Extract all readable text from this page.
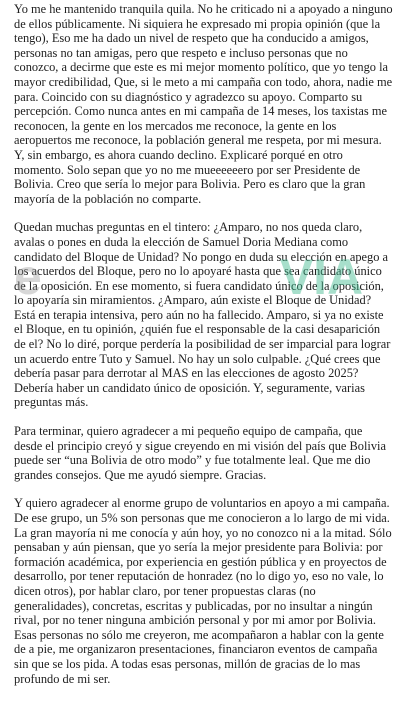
Yo me he mantenido tranquila quila. No he criticado ni a apoyado a ninguno de ellos públicamente. Ni siquiera he expresado mi propia opinión (que la tengo), Eso me ha dado un nivel de respeto que ha conducido a amigos, personas no tan amigas, pero que respeto e incluso personas que no conozco, a decirme que este es mi mejor momento político, que yo tengo la mayor credibilidad, Que, si le meto a mi campaña con todo, ahora, nadie me para. Coincido con su diagnóstico y agradezco su apoyo. Comparto su percepción. Como nunca antes en mi campaña de 14 meses, los taxistas me reconocen, la gente en los mercados me reconoce, la gente en los aeropuertos me reconoce, la población general me respeta, por mi mesura. Y, sin embargo, es ahora cuando declino. Explicaré porqué en otro momento. Solo sepan que yo no me mueeeeeero por ser Presidente de Bolivia. Creo que sería lo mejor para Bolivia. Pero es claro que la gran mayoría de la población no comparte.

Quedan muchas preguntas en el tintero: ¿Amparo, no nos queda claro, avalas o pones en duda la elección de Samuel Doria Mediana como candidato del Bloque de Unidad? No pongo en duda su elección en apego a los acuerdos del Bloque, pero no lo apoyaré hasta que sea candidato único de la oposición. En ese momento, si fuera candidato único de la oposición, lo apoyaría sin miramientos. ¿Amparo, aún existe el Bloque de Unidad? Está en terapia intensiva, pero aún no ha fallecido. Amparo, si ya no existe el Bloque, en tu opinión, ¿quién fue el responsable de la casi desaparición de el? No lo diré, porque perdería la posibilidad de ser imparcial para lograr un acuerdo entre Tuto y Samuel. No hay un solo culpable. ¿Qué crees que debería pasar para derrotar al MAS en las elecciones de agosto 2025? Debería haber un candidato único de oposición. Y, seguramente, varias preguntas más.

Para terminar, quiero agradecer a mi pequeño equipo de campaña, que desde el principio creyó y sigue creyendo en mi visión del país que Bolivia puede ser “una Bolivia de otro modo” y fue totalmente leal. Que me dio grandes consejos. Que me ayudó siempre. Gracias.

Y quiero agradecer al enorme grupo de voluntarios en apoyo a mi campaña. De ese grupo, un 5% son personas que me conocieron a lo largo de mi vida. La gran mayoría ni me conocía y aún hoy, yo no conozco ni a la mitad. Sólo pensaban y aún piensan, que yo sería la mejor presidente para Bolivia: por formación académica, por experiencia en gestión pública y en proyectos de desarrollo, por tener reputación de honradez (no lo digo yo, eso no vale, lo dicen otros), por hablar claro, por tener propuestas claras (no generalidades), concretas, escritas y publicadas, por no insultar a ningún rival, por no tener ninguna ambición personal y por mi amor por Bolivia. Esas personas no sólo me creyeron, me acompañaron a hablar con la gente de a pie, me organizaron presentaciones, financiaron eventos de campaña sin que se los pida. A todas esas personas, millón de gracias de lo mas profundo de mi ser.

e	VIA
